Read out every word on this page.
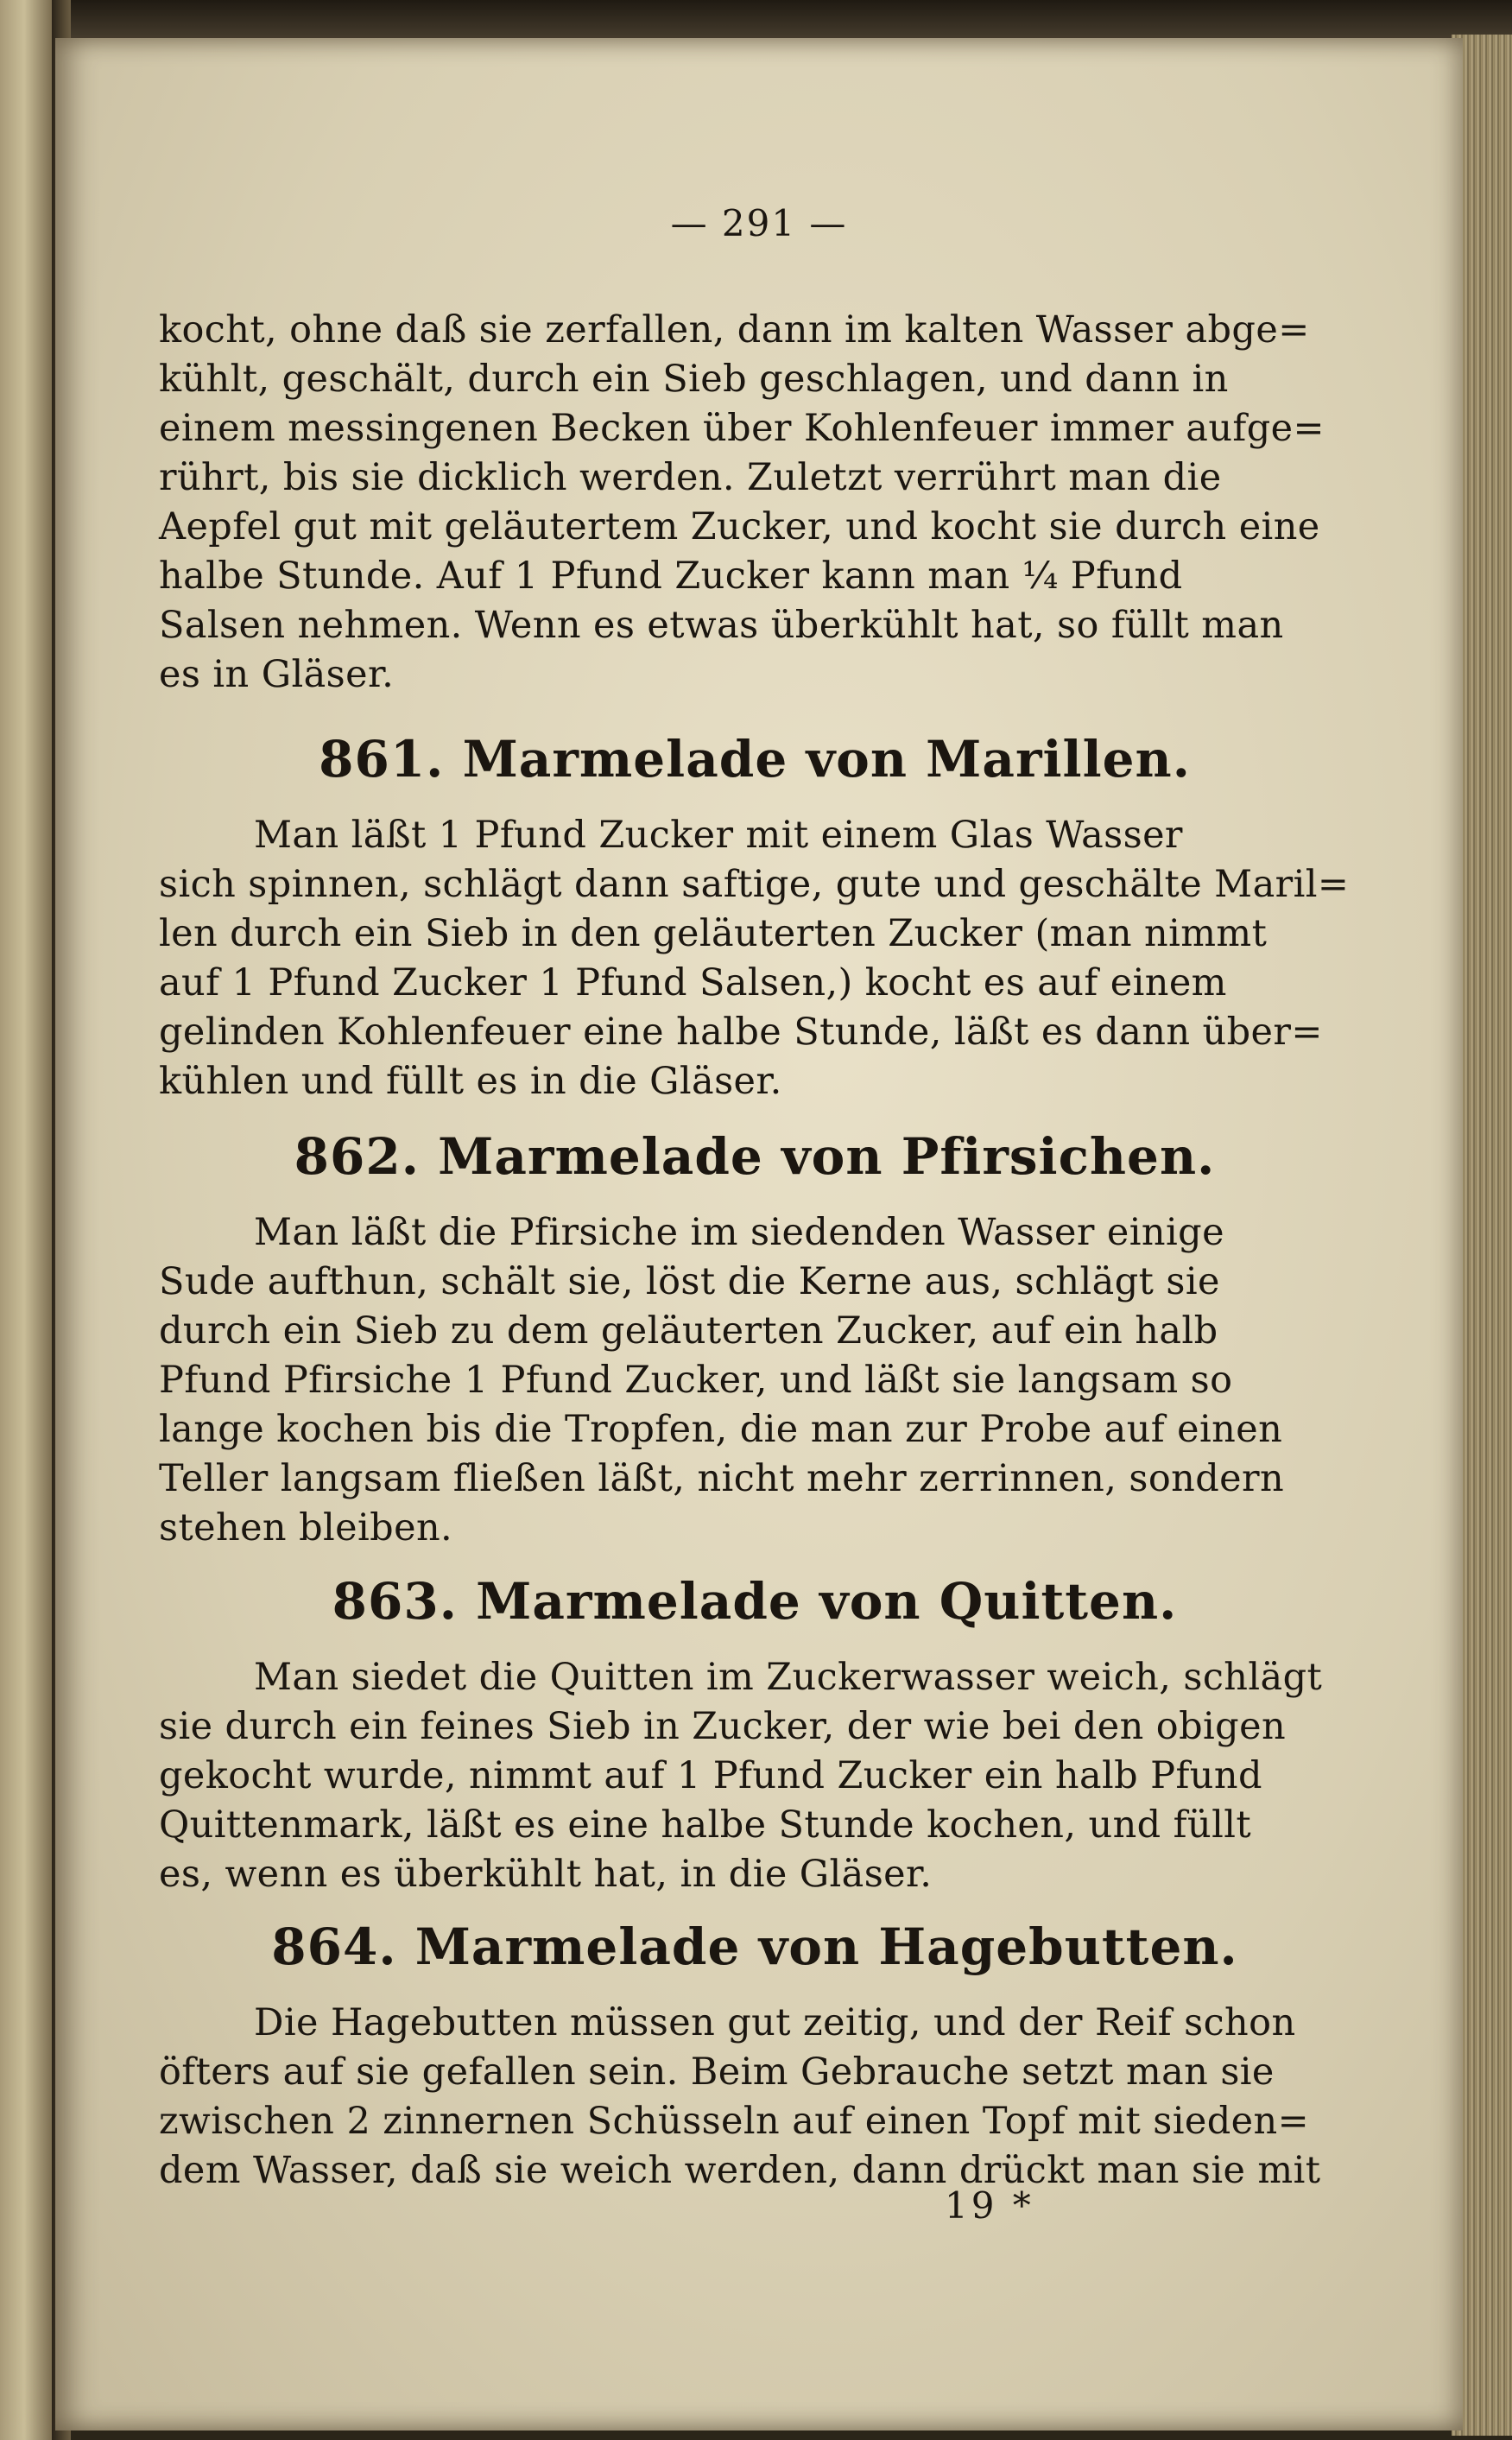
— 291 —
kocht, ohne daß sie zerfallen, dann im kalten Wasser abge=
kühlt, geschält, durch ein Sieb geschlagen, und dann in
einem messingenen Becken über Kohlenfeuer immer aufge=
rührt, bis sie dicklich werden. Zuletzt verrührt man die
Aepfel gut mit geläutertem Zucker, und kocht sie durch eine
halbe Stunde. Auf 1 Pfund Zucker kann man ¼ Pfund
Salsen nehmen. Wenn es etwas überkühlt hat, so füllt man
es in Gläser.
861. Marmelade von Marillen.
Man läßt 1 Pfund Zucker mit einem Glas Wasser
sich spinnen, schlägt dann saftige, gute und geschälte Maril=
len durch ein Sieb in den geläuterten Zucker (man nimmt
auf 1 Pfund Zucker 1 Pfund Salsen,) kocht es auf einem
gelinden Kohlenfeuer eine halbe Stunde, läßt es dann über=
kühlen und füllt es in die Gläser.
862. Marmelade von Pfirsichen.
Man läßt die Pfirsiche im siedenden Wasser einige
Sude aufthun, schält sie, löst die Kerne aus, schlägt sie
durch ein Sieb zu dem geläuterten Zucker, auf ein halb
Pfund Pfirsiche 1 Pfund Zucker, und läßt sie langsam so
lange kochen bis die Tropfen, die man zur Probe auf einen
Teller langsam fließen läßt, nicht mehr zerrinnen, sondern
stehen bleiben.
863. Marmelade von Quitten.
Man siedet die Quitten im Zuckerwasser weich, schlägt
sie durch ein feines Sieb in Zucker, der wie bei den obigen
gekocht wurde, nimmt auf 1 Pfund Zucker ein halb Pfund
Quittenmark, läßt es eine halbe Stunde kochen, und füllt
es, wenn es überkühlt hat, in die Gläser.
864. Marmelade von Hagebutten.
Die Hagebutten müssen gut zeitig, und der Reif schon
öfters auf sie gefallen sein. Beim Gebrauche setzt man sie
zwischen 2 zinnernen Schüsseln auf einen Topf mit sieden=
dem Wasser, daß sie weich werden, dann drückt man sie mit
19 *
